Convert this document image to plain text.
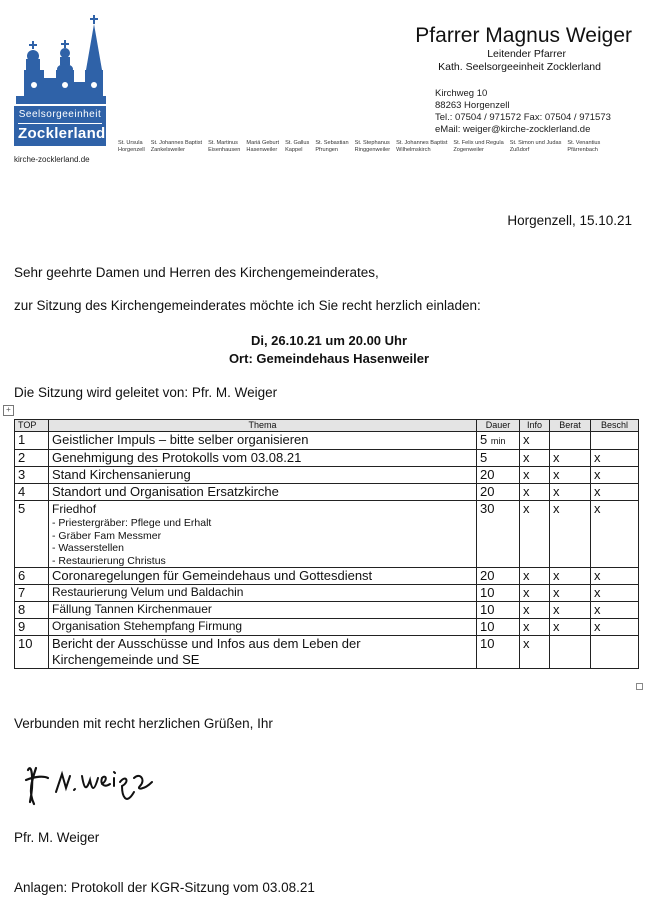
Seelsorgeeinheit
Zocklerland
kirche-zocklerland.de
Pfarrer Magnus Weiger
Leitender Pfarrer
Kath. Seelsorgeeinheit Zocklerland
Kirchweg 10
88263 Horgenzell
Tel.: 07504 / 971572 Fax: 07504 / 971573
eMail: weiger@kirche-zocklerland.de
St. Ursula
Horgenzell
St. Johannes Baptist
Zankelsweiler
St. Martinus
Eisenhausen
Mariä Geburt
Hasenweiler
St. Gallus
Kappel
St. Sebastian
Pfrungen
St. Stephanus
Ringgenweiler
St. Johannes Baptist
Wilhelmskirch
St. Felix und Regula
Zogenweiler
St. Simon und Judas
Zußdorf
St. Venantius
Pfärrenbach
Horgenzell, 15.10.21
Sehr geehrte Damen und Herren des Kirchengemeinderates,
zur Sitzung des Kirchengemeinderates möchte ich Sie recht herzlich einladen:
Di, 26.10.21 um 20.00 Uhr
Ort: Gemeindehaus Hasenweiler
Die Sitzung wird geleitet von: Pfr. M. Weiger
+
TOP	Thema	Dauer	Info	Berat	Beschl
1	Geistlicher Impuls – bitte selber organisieren	5 min	x		
2	Genehmigung des Protokolls vom 03.08.21	5	x	x	x
3	Stand Kirchensanierung	20	x	x	x
4	Standort und Organisation Ersatzkirche	20	x	x	x
5	Friedhof
- Priestergräber: Pflege und Erhalt
- Gräber Fam Messmer
- Wasserstellen
- Restaurierung Christus	30	x	x	x
6	Coronaregelungen für Gemeindehaus und Gottesdienst	20	x	x	x
7	Restaurierung Velum und Baldachin	10	x	x	x
8	Fällung Tannen Kirchenmauer	10	x	x	x
9	Organisation Stehempfang Firmung	10	x	x	x
10	Bericht der Ausschüsse und Infos aus dem Leben der
Kirchengemeinde und SE	10	x		
Verbunden mit recht herzlichen Grüßen, Ihr
Pfr. M. Weiger
Anlagen: Protokoll der KGR-Sitzung vom 03.08.21
